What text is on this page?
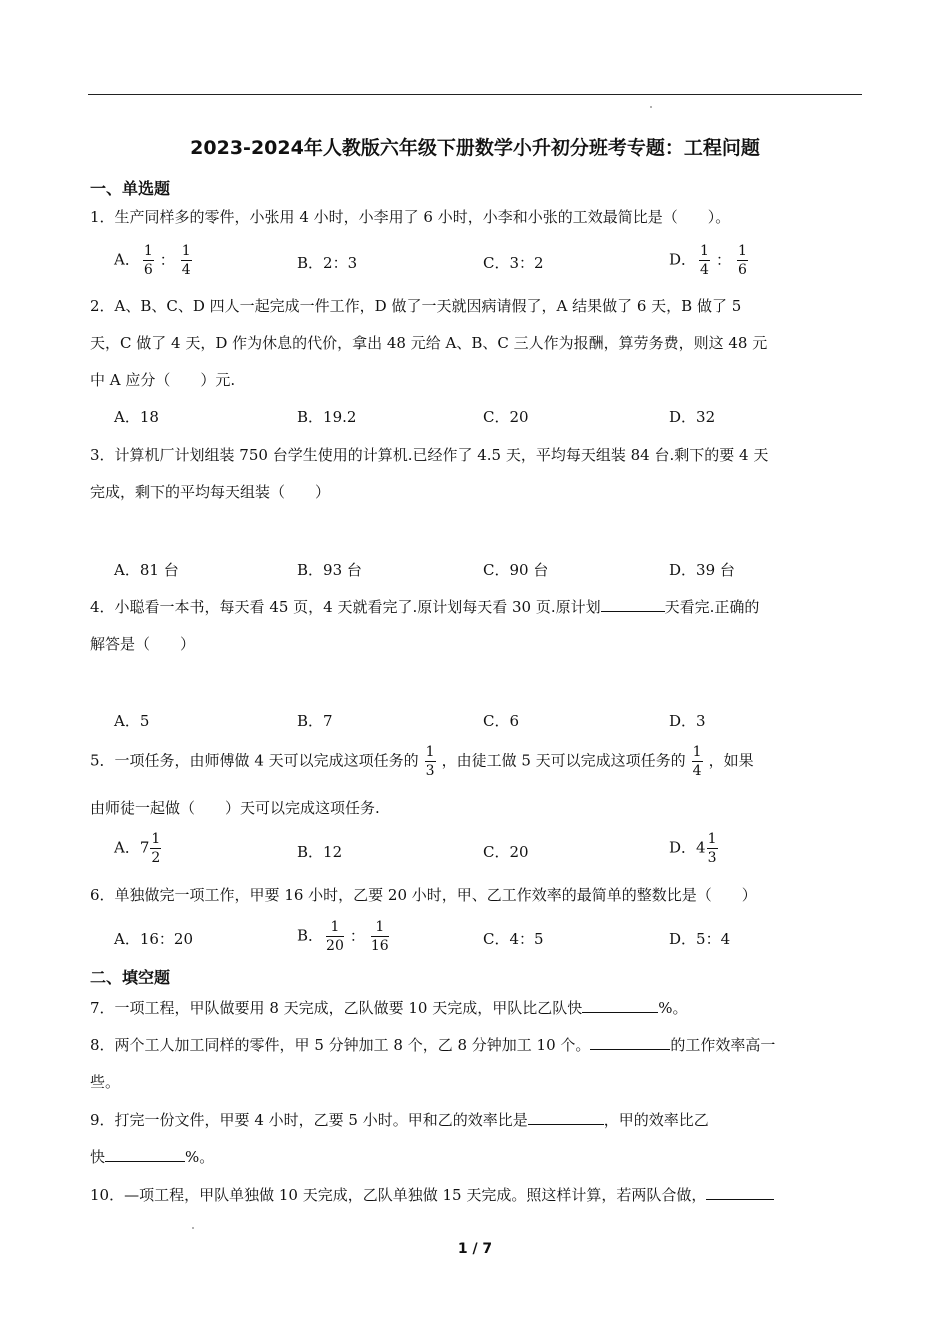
2023-2024年人教版六年级下册数学小升初分班考专题：工程问题
一、单选题
1．生产同样多的零件，小张用 4 小时，小李用了 6 小时，小李和小张的工效最简比是（　　）。
A． $\frac{1}{6}$ ： $\frac{1}{4}$	B．2：3	C．3：2	D． $\frac{1}{4}$ ： $\frac{1}{6}$
2．A、B、C、D 四人一起完成一件工作，D 做了一天就因病请假了，A 结果做了 6 天，B 做了 5
天，C 做了 4 天，D 作为休息的代价，拿出 48 元给 A、B、C 三人作为报酬，算劳务费，则这 48 元
中 A 应分（　　）元.
A．18	B．19.2	C．20	D．32
3．计算机厂计划组装 750 台学生使用的计算机.已经作了 4.5 天，平均每天组装 84 台.剩下的要 4 天
完成，剩下的平均每天组装（　　）
A．81 台	B．93 台	C．90 台	D．39 台
4．小聪看一本书，每天看 45 页，4 天就看完了.原计划每天看 30 页.原计划	天看完.正确的
解答是（　　）
A．5	B．7	C．6	D．3
5．一项任务，由师傅做 4 天可以完成这项任务的 $\frac{1}{3}$ ，由徒工做 5 天可以完成这项任务的 $\frac{1}{4}$ ，如果
由师徒一起做（　　）天可以完成这项任务.
A．$7 \frac{1}{2}$	B．12	C．20	D．$4 \frac{1}{3}$
6．单独做完一项工作，甲要 16 小时，乙要 20 小时，甲、乙工作效率的最简单的整数比是（　　）
A．16：20	B． $\frac{1}{20}$ ： $\frac{1}{16}$	C．4：5	D．5：4
二、填空题
7．一项工程，甲队做要用 8 天完成，乙队做要 10 天完成，甲队比乙队快	%。
8．两个工人加工同样的零件，甲 5 分钟加工 8 个，乙 8 分钟加工 10 个。	的工作效率高一
些。
9．打完一份文件，甲要 4 小时，乙要 5 小时。甲和乙的效率比是	，甲的效率比乙
快	%。
10．—项工程，甲队单独做 10 天完成，乙队单独做 15 天完成。照这样计算，若两队合做，
1 / 7
